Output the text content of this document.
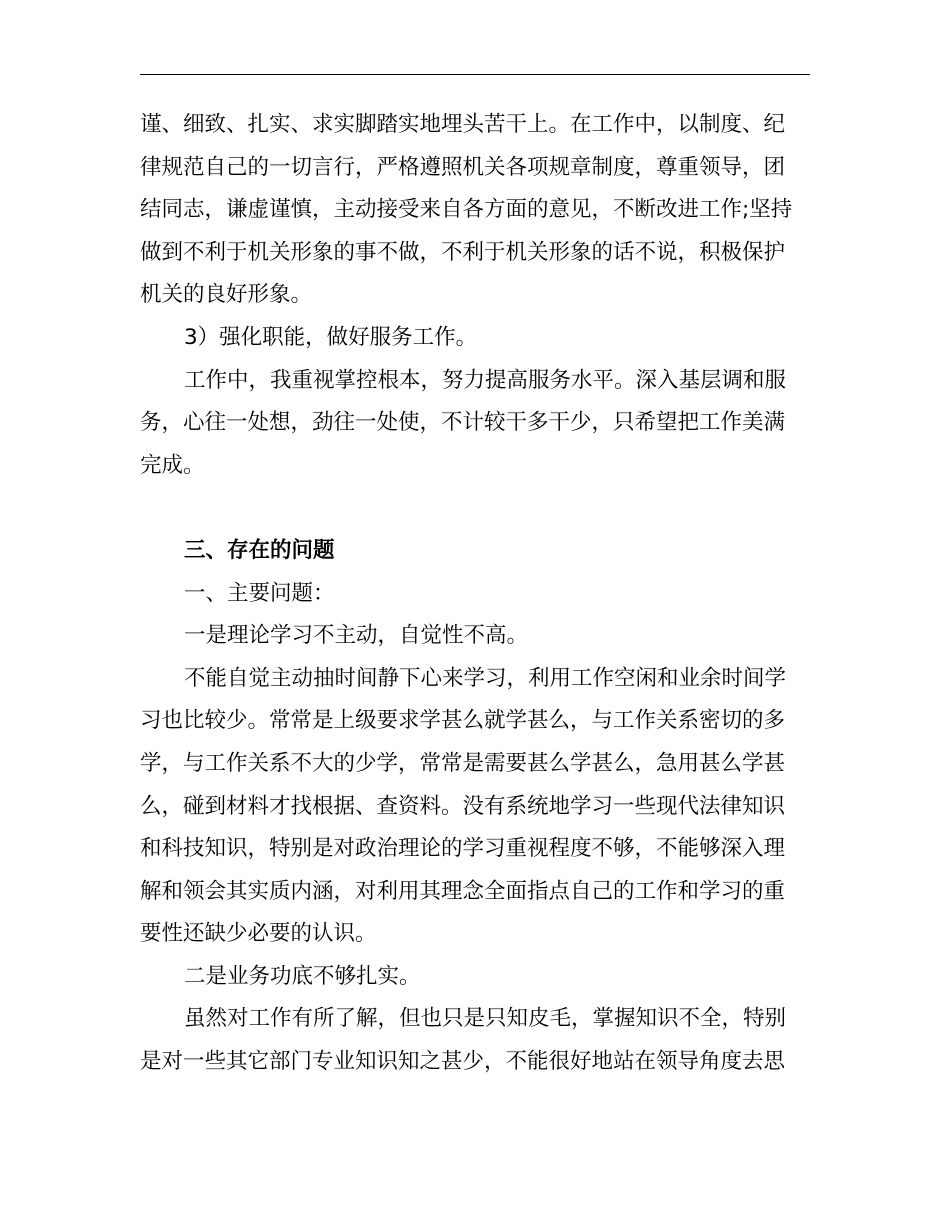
谨、细致、扎实、求实脚踏实地埋头苦干上。在工作中，以制度、纪

律规范自己的一切言行，严格遵照机关各项规章制度，尊重领导，团

结同志，谦虚谨慎，主动接受来自各方面的意见，不断改进工作;坚持

做到不利于机关形象的事不做，不利于机关形象的话不说，积极保护

机关的良好形象。

3）强化职能，做好服务工作。

工作中，我重视掌控根本，努力提高服务水平。深入基层调和服

务，心往一处想，劲往一处使，不计较干多干少，只希望把工作美满

完成。

三、存在的问题

一、主要问题：

一是理论学习不主动，自觉性不高。

不能自觉主动抽时间静下心来学习，利用工作空闲和业余时间学

习也比较少。常常是上级要求学甚么就学甚么，与工作关系密切的多

学，与工作关系不大的少学，常常是需要甚么学甚么，急用甚么学甚

么，碰到材料才找根据、查资料。没有系统地学习一些现代法律知识

和科技知识，特别是对政治理论的学习重视程度不够，不能够深入理

解和领会其实质内涵，对利用其理念全面指点自己的工作和学习的重

要性还缺少必要的认识。

二是业务功底不够扎实。

虽然对工作有所了解，但也只是只知皮毛，掌握知识不全，特别

是对一些其它部门专业知识知之甚少，不能很好地站在领导角度去思
